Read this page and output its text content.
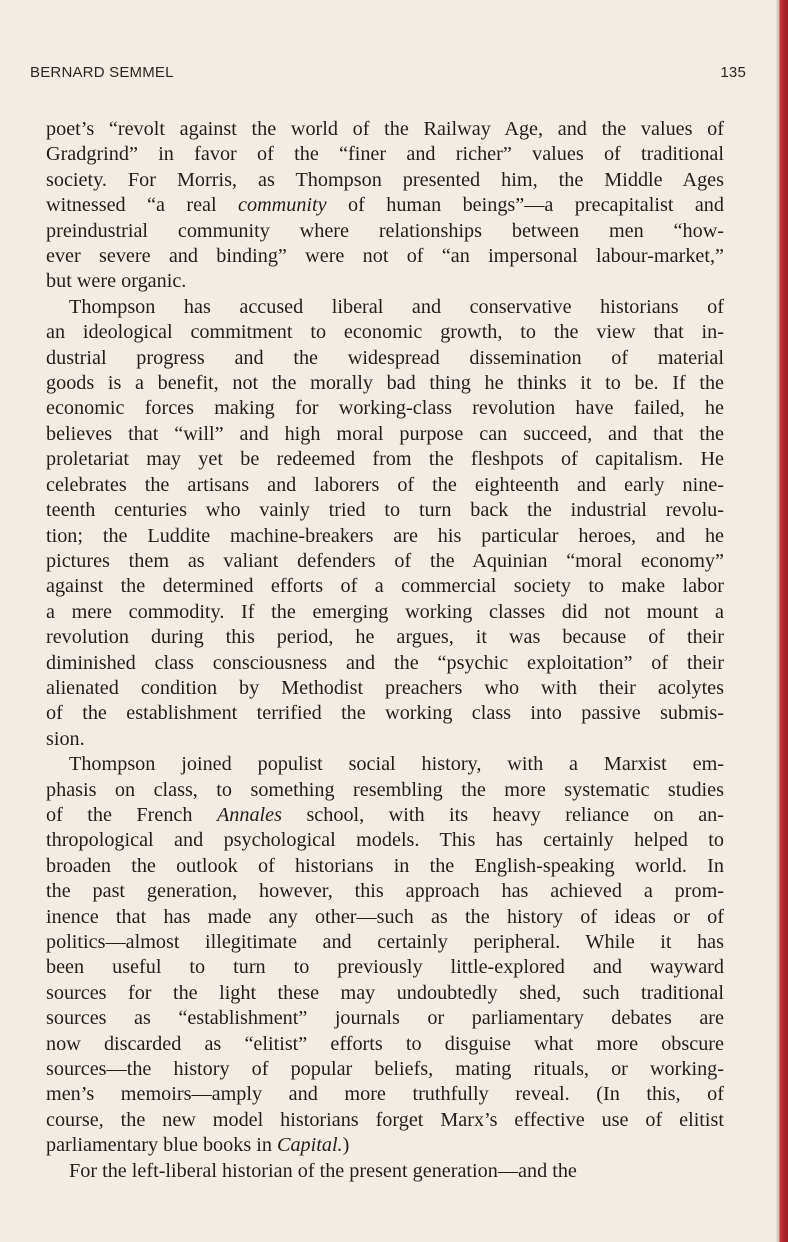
BERNARD SEMMEL	135
poet’s “revolt against the world of the Railway Age, and the values of
Gradgrind” in favor of the “finer and richer” values of traditional
society. For Morris, as Thompson presented him, the Middle Ages
witnessed “a real community of human beings”—a precapitalist and
preindustrial community where relationships between men “how-
ever severe and binding” were not of “an impersonal labour-market,”
but were organic.
Thompson has accused liberal and conservative historians of
an ideological commitment to economic growth, to the view that in-
dustrial progress and the widespread dissemination of material
goods is a benefit, not the morally bad thing he thinks it to be. If the
economic forces making for working-class revolution have failed, he
believes that “will” and high moral purpose can succeed, and that the
proletariat may yet be redeemed from the fleshpots of capitalism. He
celebrates the artisans and laborers of the eighteenth and early nine-
teenth centuries who vainly tried to turn back the industrial revolu-
tion; the Luddite machine-breakers are his particular heroes, and he
pictures them as valiant defenders of the Aquinian “moral economy”
against the determined efforts of a commercial society to make labor
a mere commodity. If the emerging working classes did not mount a
revolution during this period, he argues, it was because of their
diminished class consciousness and the “psychic exploitation” of their
alienated condition by Methodist preachers who with their acolytes
of the establishment terrified the working class into passive submis-
sion.
Thompson joined populist social history, with a Marxist em-
phasis on class, to something resembling the more systematic studies
of the French Annales school, with its heavy reliance on an-
thropological and psychological models. This has certainly helped to
broaden the outlook of historians in the English-speaking world. In
the past generation, however, this approach has achieved a prom-
inence that has made any other—such as the history of ideas or of
politics—almost illegitimate and certainly peripheral. While it has
been useful to turn to previously little-explored and wayward
sources for the light these may undoubtedly shed, such traditional
sources as “establishment” journals or parliamentary debates are
now discarded as “elitist” efforts to disguise what more obscure
sources—the history of popular beliefs, mating rituals, or working-
men’s memoirs—amply and more truthfully reveal. (In this, of
course, the new model historians forget Marx’s effective use of elitist
parliamentary blue books in Capital.)
For the left-liberal historian of the present generation—and the
